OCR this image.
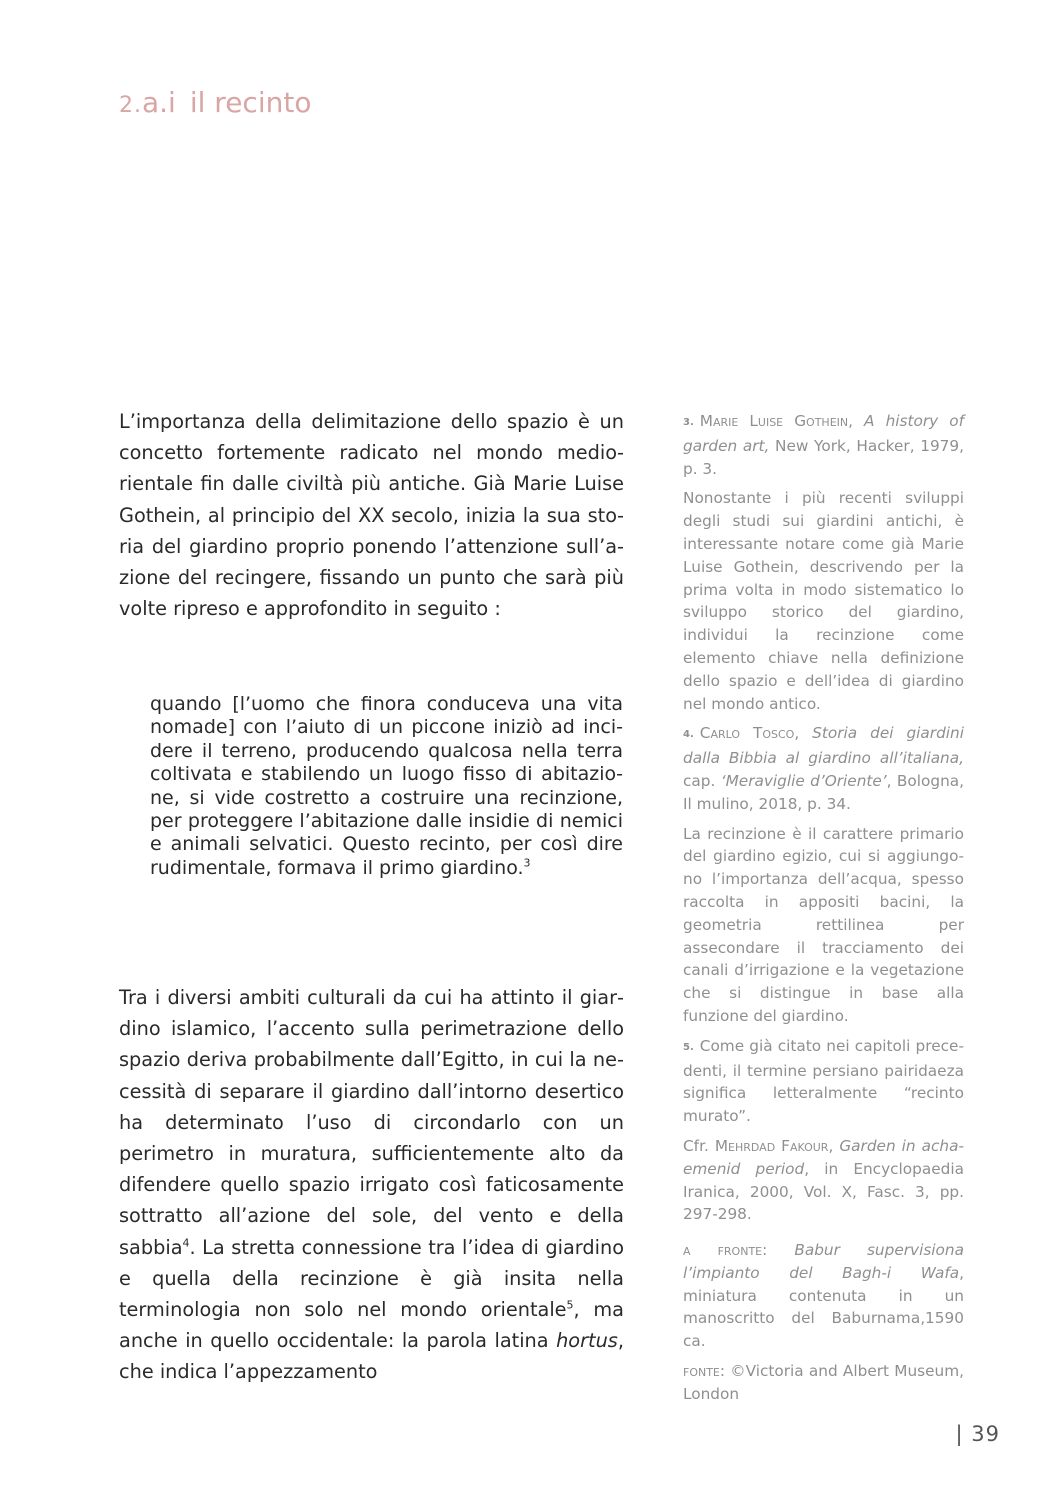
2.a.i il recinto

L’importanza della delimitazione dello spazio è un concetto fortemente radicato nel mondo mediorientale fin dalle civiltà più antiche. Già Marie Luise Gothein, al principio del XX secolo, inizia la sua storia del giardino proprio ponendo l’attenzione sull’azione del recingere, fissando un punto che sarà più volte ripreso e approfondito in seguito :

quando [l’uomo che finora conduceva una vita nomade] con l’aiuto di un piccone iniziò ad incidere il terreno, producendo qualcosa nella terra coltivata e stabilendo un luogo fisso di abitazione, si vide costretto a costruire una recinzione, per proteggere l’abitazione dalle insidie di nemici e animali selvatici. Questo recinto, per così dire rudimentale, formava il primo giardino.$^3$

Tra i diversi ambiti culturali da cui ha attinto il giardino islamico, l’accento sulla perimetrazione dello spazio deriva probabilmente dall’Egitto, in cui la necessità di separare il giardino dall’intorno desertico ha determinato l’uso di circondarlo con un perimetro in muratura, sufficientemente alto da difendere quello spazio irrigato così faticosamente sottratto all’azione del sole, del vento e della sabbia$^4$. La stretta connessione tra l’idea di giardino e quella della recinzione è già insita nella terminologia non solo nel mondo orientale$^5$, ma anche in quello occidentale: la parola latina hortus, che indica l’appezzamento

3. Marie Luise Gothein, A history of garden art, New York, Hacker, 1979, p. 3.

Nonostante i più recenti sviluppi degli studi sui giardini antichi, è interessante notare come già Marie Luise Gothein, descrivendo per la prima volta in modo sistematico lo sviluppo storico del giardino, individui la recinzione come elemento chiave nella definizione dello spazio e dell’idea di giardino nel mondo antico.

4. Carlo Tosco, Storia dei giardini dalla Bibbia al giardino all’italiana, cap. ‘Meraviglie d’Oriente’, Bologna, Il mulino, 2018, p. 34.

La recinzione è il carattere primario del giardino egizio, cui si aggiungono l’importanza dell’acqua, spesso raccolta in appositi bacini, la geometria rettilinea per assecondare il tracciamento dei canali d’irrigazione e la vegetazione che si distingue in base alla funzione del giardino.

5. Come già citato nei capitoli precedenti, il termine persiano pairidaeza significa letteralmente “recinto murato”.

Cfr. Mehrdad Fakour, Garden in achaemenid period, in Encyclopaedia Iranica, 2000, Vol. X, Fasc. 3, pp. 297-298.

a fronte: Babur supervisiona l’impianto del Bagh-i Wafa, miniatura contenuta in un manoscritto del Baburnama,1590 ca.

fonte: ©Victoria and Albert Museum, London

| 39
